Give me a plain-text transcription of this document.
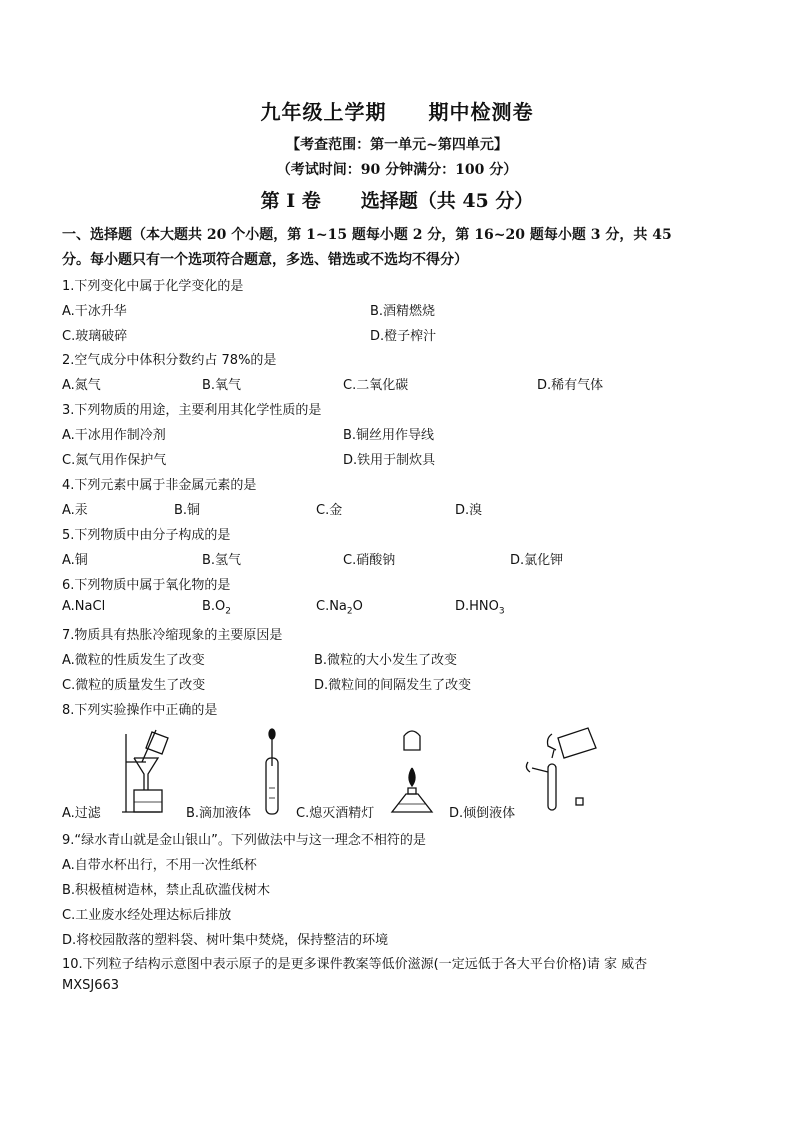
九年级上学期 期中检测卷
【考查范围：第一单元~第四单元】
（考试时间：90 分钟满分：100 分）
第 I 卷 选择题（共 45 分）
一、选择题（本大题共 20 个小题，第 1~15 题每小题 2 分，第 16~20 题每小题 3 分，共 45
分。每小题只有一个选项符合题意，多选、错选或不选均不得分）
1.下列变化中属于化学变化的是
A.干冰升华	B.酒精燃烧
C.玻璃破碎	D.橙子榨汁
2.空气成分中体积分数约占 78%的是
A.氮气	B.氧气	C.二氧化碳	D.稀有气体
3.下列物质的用途，主要利用其化学性质的是
A.干冰用作制冷剂	B.铜丝用作导线
C.氮气用作保护气	D.铁用于制炊具
4.下列元素中属于非金属元素的是
A.汞	B.铜	C.金	D.溴
5.下列物质中由分子构成的是
A.铜	B.氢气	C.硝酸钠	D.氯化钾
6.下列物质中属于氧化物的是
A.NaCl	$B.O_2$	$C.Na_2O$	$D.HNO_3$
7.物质具有热胀冷缩现象的主要原因是
A.微粒的性质发生了改变	B.微粒的大小发生了改变
C.微粒的质量发生了改变	D.微粒间的间隔发生了改变
8.下列实验操作中正确的是
A.过滤	B.滴加液体	C.熄灭酒精灯	D.倾倒液体
9.“绿水青山就是金山银山”。下列做法中与这一理念不相符的是
A.自带水杯出行，不用一次性纸杯
B.积极植树造林，禁止乱砍滥伐树木
C.工业废水经处理达标后排放
D.将校园散落的塑料袋、树叶集中焚烧，保持整洁的环境
10.下列粒子结构示意图中表示原子的是更多课件教案等低价滋源(一定远低于各大平台价格)请 家 威杏
MXSJ663
